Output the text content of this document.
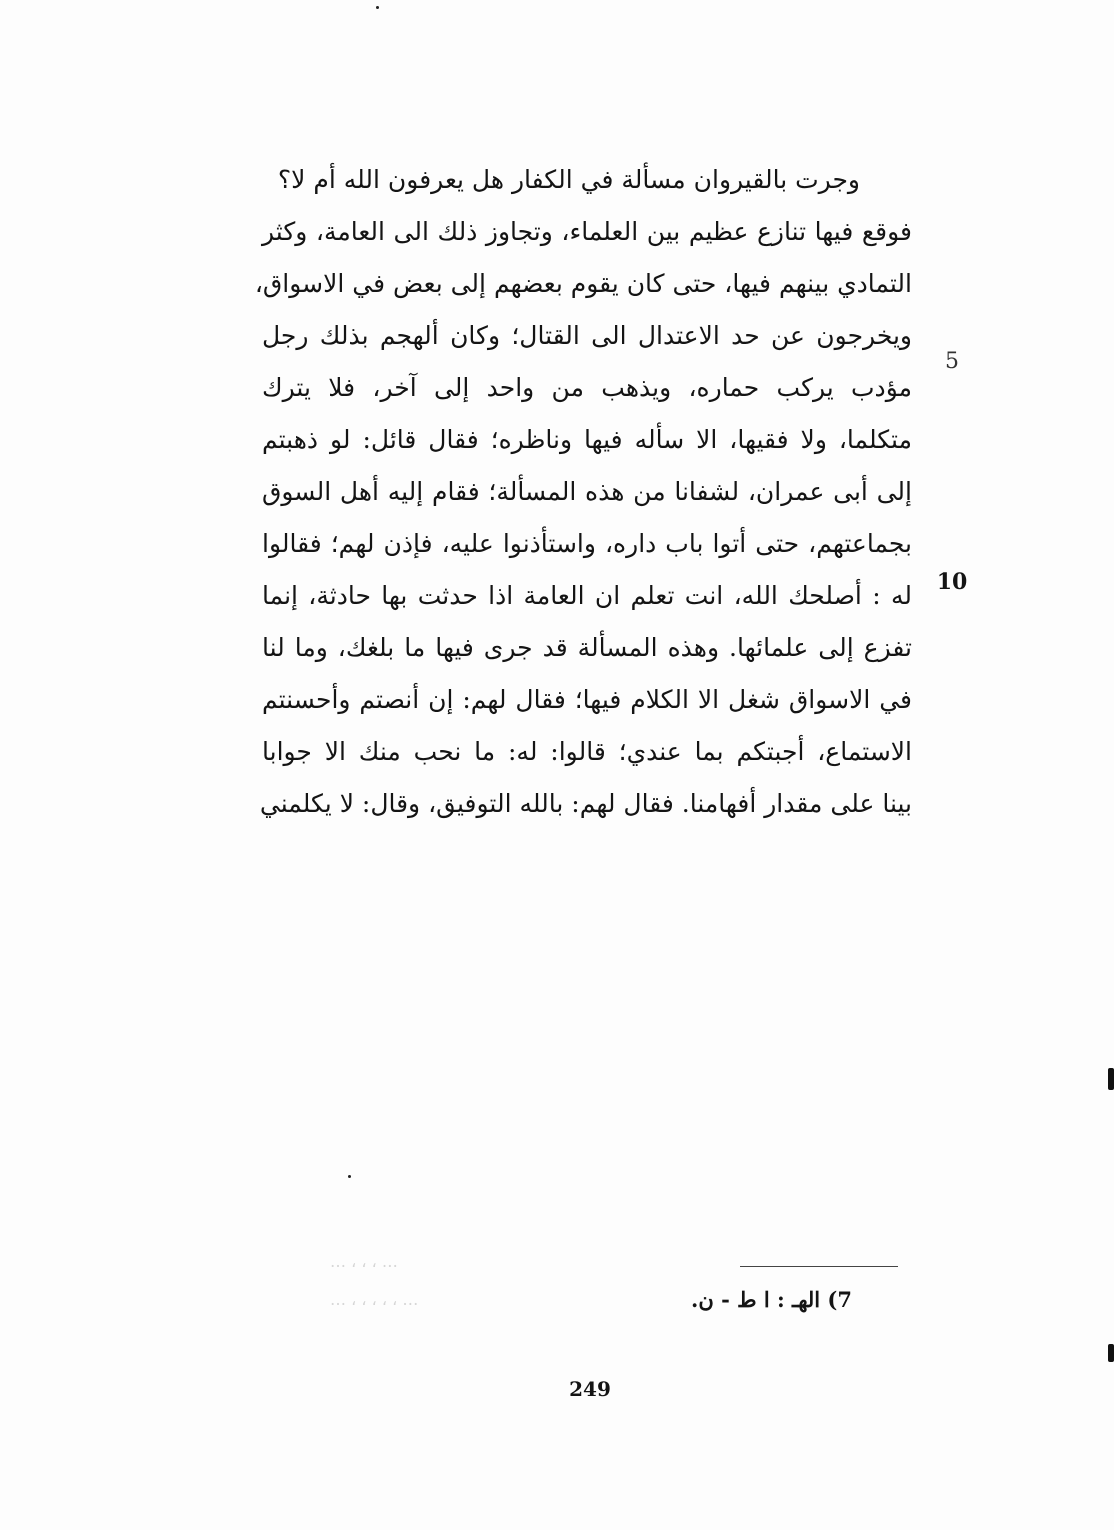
وجرت بالقيروان مسألة في الكفار هل يعرفون الله أم لا؟
فوقع فيها تنازع عظيم بين العلماء، وتجاوز ذلك الى العامة، وكثر
التمادي بينهم فيها، حتى كان يقوم بعضهم إلى بعض في الاسواق،
ويخرجون عن حد الاعتدال الى القتال؛ وكان ألهجم بذلك رجل
مؤدب يركب حماره، ويذهب من واحد إلى آخر، فلا يترك
متكلما، ولا فقيها، الا سأله فيها وناظره؛ فقال قائل: لو ذهبتم
إلى أبى عمران، لشفانا من هذه المسألة؛ فقام إليه أهل السوق
بجماعتهم، حتى أتوا باب داره، واستأذنوا عليه، فإذن لهم؛ فقالوا
له : أصلحك الله، انت تعلم ان العامة اذا حدثت بها حادثة، إنما
تفزع إلى علمائها. وهذه المسألة قد جرى فيها ما بلغك، وما لنا
في الاسواق شغل الا الكلام فيها؛ فقال لهم: إن أنصتم وأحسنتم
الاستماع، أجبتكم بما عندي؛ قالوا: له: ما نحب منك الا جوابا
بينا على مقدار أفهامنا. فقال لهم: بالله التوفيق، وقال: لا يكلمني
5
10
… ، ، ، …
… ، ، ، ، ، …	7) الهـ : ا ط - ن.
249
